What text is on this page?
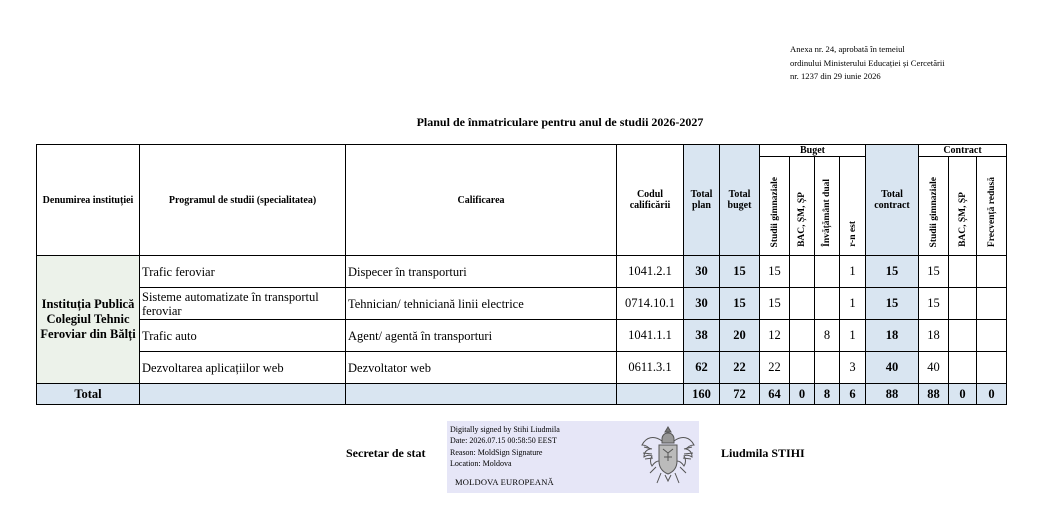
Anexa nr. 24, aprobată în temeiul
ordinului Ministerului Educației și Cercetării
nr. 1237 din 29 iunie 2026
Planul de înmatriculare pentru anul de studii 2026-2027
Denumirea instituției	Programul de studii (specialitatea)	Calificarea	Codul calificării	Total plan	Total buget	Buget				Total contract	Contract		
						Studii gimnaziale	BAC, ȘM, ȘP	Învățământ dual	r-n est		Studii gimnaziale	BAC, ȘM, ȘP	Frecvență redusă
Instituția Publică Colegiul Tehnic Feroviar din Bălți	Trafic feroviar	Dispecer în transporturi	1041.2.1	30	15	15			1	15	15		
	Sisteme automatizate în transportul feroviar	Tehnician/ tehniciană linii electrice	0714.10.1	30	15	15			1	15	15		
	Trafic auto	Agent/ agentă în transporturi	1041.1.1	38	20	12		8	1	18	18		
	Dezvoltarea aplicațiilor web	Dezvoltator web	0611.3.1	62	22	22			3	40	40		
Total				160	72	64	0	8	6	88	88	0	0
Secretar de stat
Digitally signed by Stihi Liudmila
Date: 2026.07.15 00:58:50 EEST
Reason: MoldSign Signature
Location: Moldova
MOLDOVA EUROPEANĂ
Liudmila STIHI
